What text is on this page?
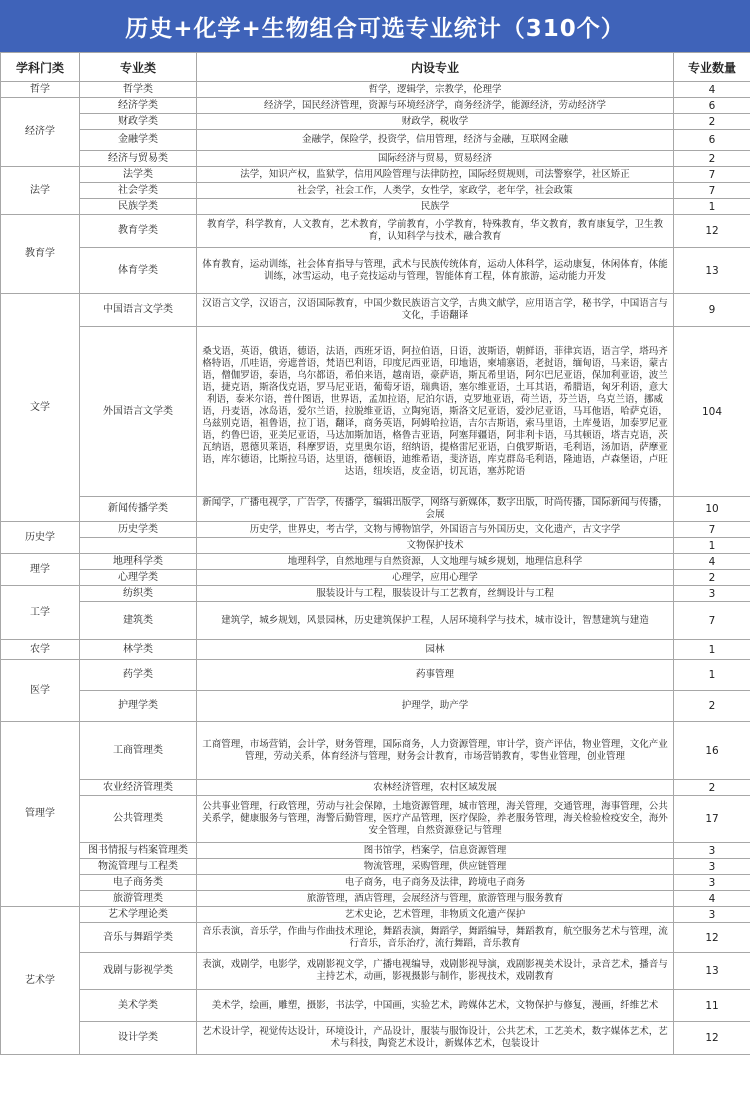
历史+化学+生物组合可选专业统计（310个）
学科门类	专业类	内设专业	专业数量
哲学	哲学类	哲学，逻辑学，宗教学，伦理学	4
经济学	经济学类	经济学，国民经济管理，资源与环境经济学，商务经济学，能源经济，劳动经济学	6
	财政学类	财政学，税收学	2
	金融学类	金融学，保险学，投资学，信用管理，经济与金融，互联网金融	6
	经济与贸易类	国际经济与贸易，贸易经济	2
法学	法学类	法学，知识产权，监狱学，信用风险管理与法律防控，国际经贸规则，司法警察学，社区矫正	7
	社会学类	社会学，社会工作，人类学，女性学，家政学，老年学，社会政策	7
	民族学类	民族学	1
教育学	教育学类	教育学，科学教育，人文教育，艺术教育，学前教育，小学教育，特殊教育，华文教育，教育康复学，卫生教育，认知科学与技术，融合教育	12
	体育学类	体育教育，运动训练，社会体育指导与管理，武术与民族传统体育，运动人体科学，运动康复，休闲体育，体能训练，冰雪运动，电子竞技运动与管理，智能体育工程，体育旅游，运动能力开发	13
文学	中国语言文学类	汉语言文学，汉语言，汉语国际教育，中国少数民族语言文学，古典文献学，应用语言学，秘书学，中国语言与文化，手语翻译	9
	外国语言文学类	桑戈语，英语，俄语，德语，法语，西班牙语，阿拉伯语，日语，波斯语，朝鲜语，菲律宾语，语言学，塔玛齐格特语，爪哇语，旁遮普语，梵语巴利语，印度尼西亚语，印地语，柬埔寨语，老挝语，缅甸语，马来语，蒙古语，僧伽罗语，泰语，乌尔都语，希伯来语，越南语，豪萨语，斯瓦希里语，阿尔巴尼亚语，保加利亚语，波兰语，捷克语，斯洛伐克语，罗马尼亚语，葡萄牙语，瑞典语，塞尔维亚语，土耳其语，希腊语，匈牙利语，意大利语，泰米尔语，普什图语，世界语，孟加拉语，尼泊尔语，克罗地亚语，荷兰语，芬兰语，乌克兰语，挪威语，丹麦语，冰岛语，爱尔兰语，拉脱维亚语，立陶宛语，斯洛文尼亚语，爱沙尼亚语，马耳他语，哈萨克语，乌兹别克语，祖鲁语，拉丁语，翻译，商务英语，阿姆哈拉语，吉尔吉斯语，索马里语，土库曼语，加泰罗尼亚语，约鲁巴语，亚美尼亚语，马达加斯加语，格鲁吉亚语，阿塞拜疆语，阿非利卡语，马其顿语，塔吉克语，茨瓦纳语，恩德贝莱语，科摩罗语，克里奥尔语，绍纳语，提格雷尼亚语，白俄罗斯语，毛利语，汤加语，萨摩亚语，库尔德语，比斯拉马语，达里语，德顿语，迪维希语，斐济语，库克群岛毛利语，隆迪语，卢森堡语，卢旺达语，纽埃语，皮金语，切瓦语，塞苏陀语	104
	新闻传播学类	新闻学，广播电视学，广告学，传播学，编辑出版学，网络与新媒体，数字出版，时尚传播，国际新闻与传播，会展	10
历史学	历史学类	历史学，世界史，考古学，文物与博物馆学，外国语言与外国历史，文化遗产，古文字学	7
		文物保护技术	1
理学	地理科学类	地理科学，自然地理与自然资源，人文地理与城乡规划，地理信息科学	4
	心理学类	心理学，应用心理学	2
工学	纺织类	服装设计与工程，服装设计与工艺教育，丝绸设计与工程	3
	建筑类	建筑学，城乡规划，风景园林，历史建筑保护工程，人居环境科学与技术，城市设计，智慧建筑与建造	7
农学	林学类	园林	1
医学	药学类	药事管理	1
	护理学类	护理学，助产学	2
管理学	工商管理类	工商管理，市场营销，会计学，财务管理，国际商务，人力资源管理，审计学，资产评估，物业管理，文化产业管理，劳动关系，体育经济与管理，财务会计教育，市场营销教育，零售业管理，创业管理	16
	农业经济管理类	农林经济管理，农村区域发展	2
	公共管理类	公共事业管理，行政管理，劳动与社会保障，土地资源管理，城市管理，海关管理，交通管理，海事管理，公共关系学，健康服务与管理，海警后勤管理，医疗产品管理，医疗保险，养老服务管理，海关检验检疫安全，海外安全管理，自然资源登记与管理	17
	图书情报与档案管理类	图书馆学，档案学，信息资源管理	3
	物流管理与工程类	物流管理，采购管理，供应链管理	3
	电子商务类	电子商务，电子商务及法律，跨境电子商务	3
	旅游管理类	旅游管理，酒店管理，会展经济与管理，旅游管理与服务教育	4
艺术学	艺术学理论类	艺术史论，艺术管理，非物质文化遗产保护	3
	音乐与舞蹈学类	音乐表演，音乐学，作曲与作曲技术理论，舞蹈表演，舞蹈学，舞蹈编导，舞蹈教育，航空服务艺术与管理，流行音乐，音乐治疗，流行舞蹈，音乐教育	12
	戏剧与影视学类	表演，戏剧学，电影学，戏剧影视文学，广播电视编导，戏剧影视导演，戏剧影视美术设计，录音艺术，播音与主持艺术，动画，影视摄影与制作，影视技术，戏剧教育	13
	美术学类	美术学，绘画，雕塑，摄影，书法学，中国画，实验艺术，跨媒体艺术，文物保护与修复，漫画，纤维艺术	11
	设计学类	艺术设计学，视觉传达设计，环境设计，产品设计，服装与服饰设计，公共艺术，工艺美术，数字媒体艺术，艺术与科技，陶瓷艺术设计，新媒体艺术，包装设计	12
